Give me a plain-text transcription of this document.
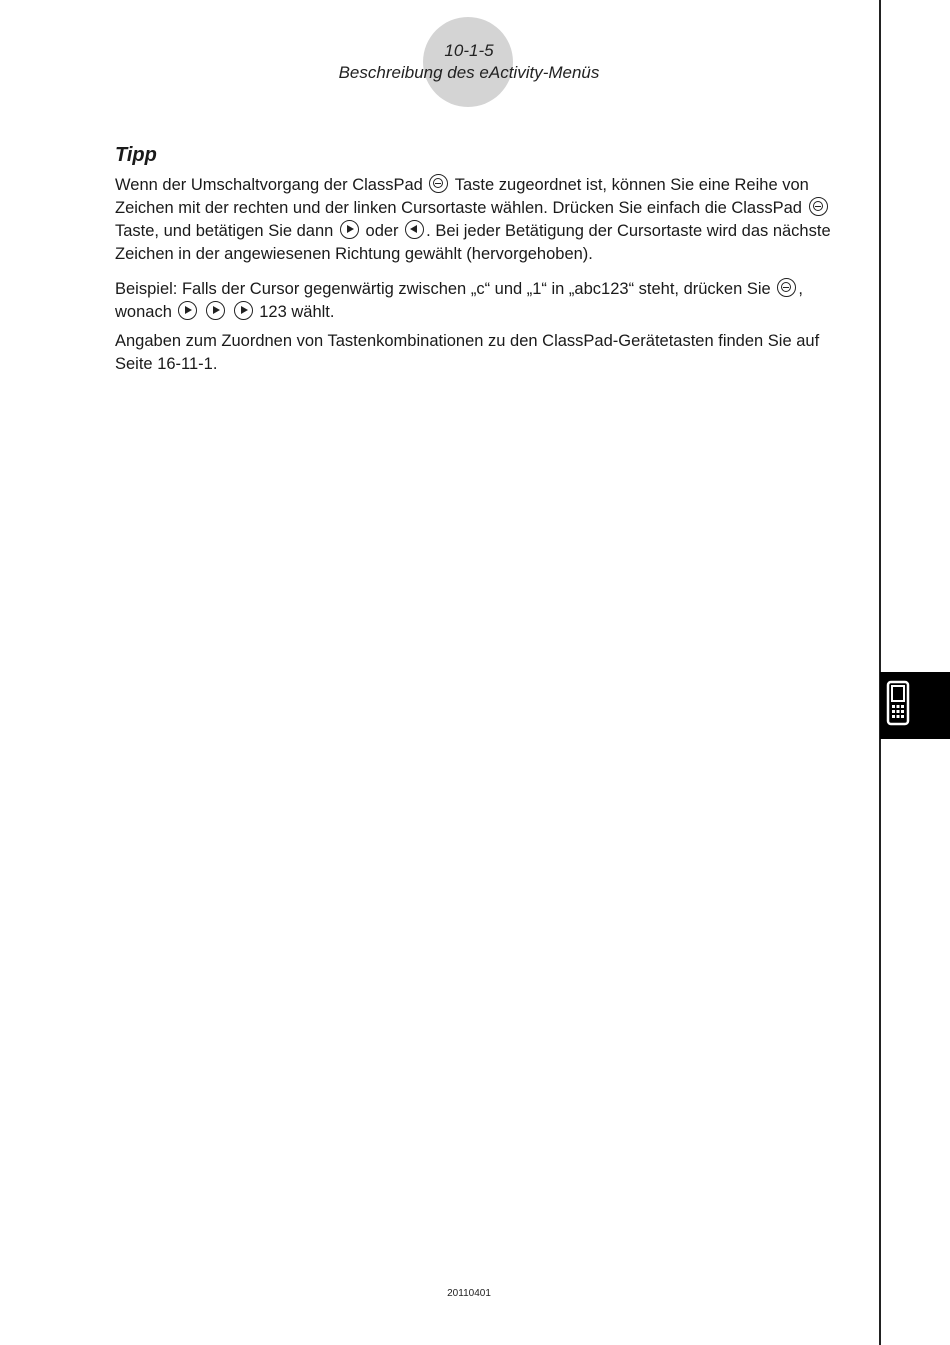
10-1-5
Beschreibung des eActivity-Menüs
Tipp

Wenn der Umschaltvorgang der ClassPad Taste zugeordnet ist, können Sie eine Reihe von Zeichen mit der rechten und der linken Cursortaste wählen. Drücken Sie einfach die ClassPad  Taste, und betätigen Sie dann oder . Bei jeder Betätigung der Cursortaste wird das nächste Zeichen in der angewiesenen Richtung gewählt (hervorgehoben).

Beispiel: Falls der Cursor gegenwärtig zwischen „c“ und „1“ in „abc123“ steht, drücken Sie , wonach	123 wählt.

Angaben zum Zuordnen von Tastenkombinationen zu den ClassPad-Gerätetasten finden Sie auf Seite 16-11-1.

20110401
